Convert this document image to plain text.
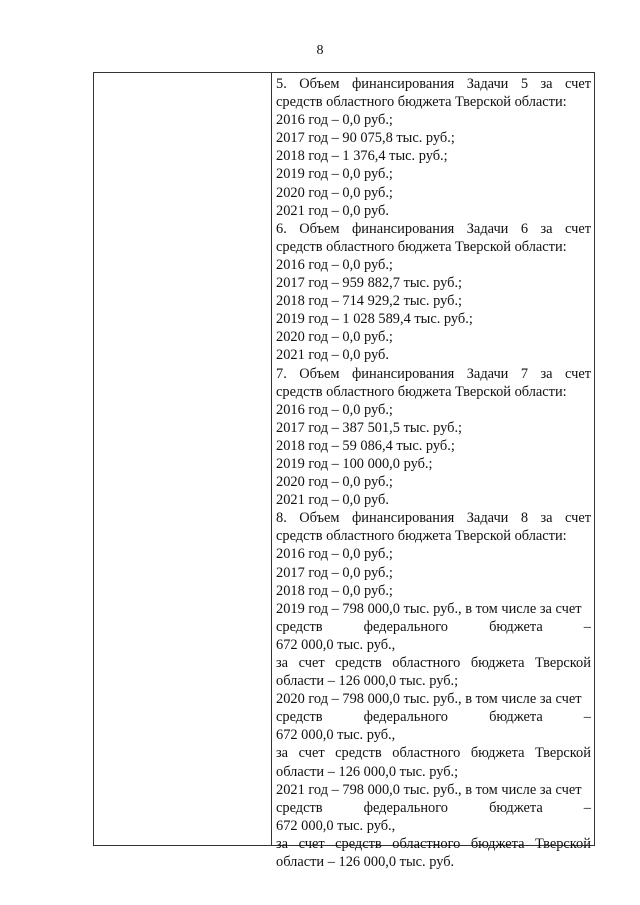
8
5. Объем финансирования Задачи 5 за счет
средств областного бюджета Тверской области:
2016 год – 0,0 руб.;
2017 год – 90 075,8 тыс. руб.;
2018 год – 1 376,4 тыс. руб.;
2019 год – 0,0 руб.;
2020 год – 0,0 руб.;
2021 год – 0,0 руб.
6. Объем финансирования Задачи 6 за счет
средств областного бюджета Тверской области:
2016 год – 0,0 руб.;
2017 год – 959 882,7 тыс. руб.;
2018 год – 714 929,2 тыс. руб.;
2019 год – 1 028 589,4 тыс. руб.;
2020 год – 0,0 руб.;
2021 год – 0,0 руб.
7. Объем финансирования Задачи 7 за счет
средств областного бюджета Тверской области:
2016 год – 0,0 руб.;
2017 год – 387 501,5 тыс. руб.;
2018 год – 59 086,4 тыс. руб.;
2019 год – 100 000,0 руб.;
2020 год – 0,0 руб.;
2021 год – 0,0 руб.
8. Объем финансирования Задачи 8 за счет
средств областного бюджета Тверской области:
2016 год – 0,0 руб.;
2017 год – 0,0 руб.;
2018 год – 0,0 руб.;
2019 год – 798 000,0 тыс. руб., в том числе за счет
средств	федерального	бюджета	–
672 000,0 тыс. руб.,
за счет средств областного бюджета Тверской
области – 126 000,0 тыс. руб.;
2020 год – 798 000,0 тыс. руб., в том числе за счет
средств	федерального	бюджета	–
672 000,0 тыс. руб.,
за счет средств областного бюджета Тверской
области – 126 000,0 тыс. руб.;
2021 год – 798 000,0 тыс. руб., в том числе за счет
средств	федерального	бюджета	–
672 000,0 тыс. руб.,
за счет средств областного бюджета Тверской
области – 126 000,0 тыс. руб.
